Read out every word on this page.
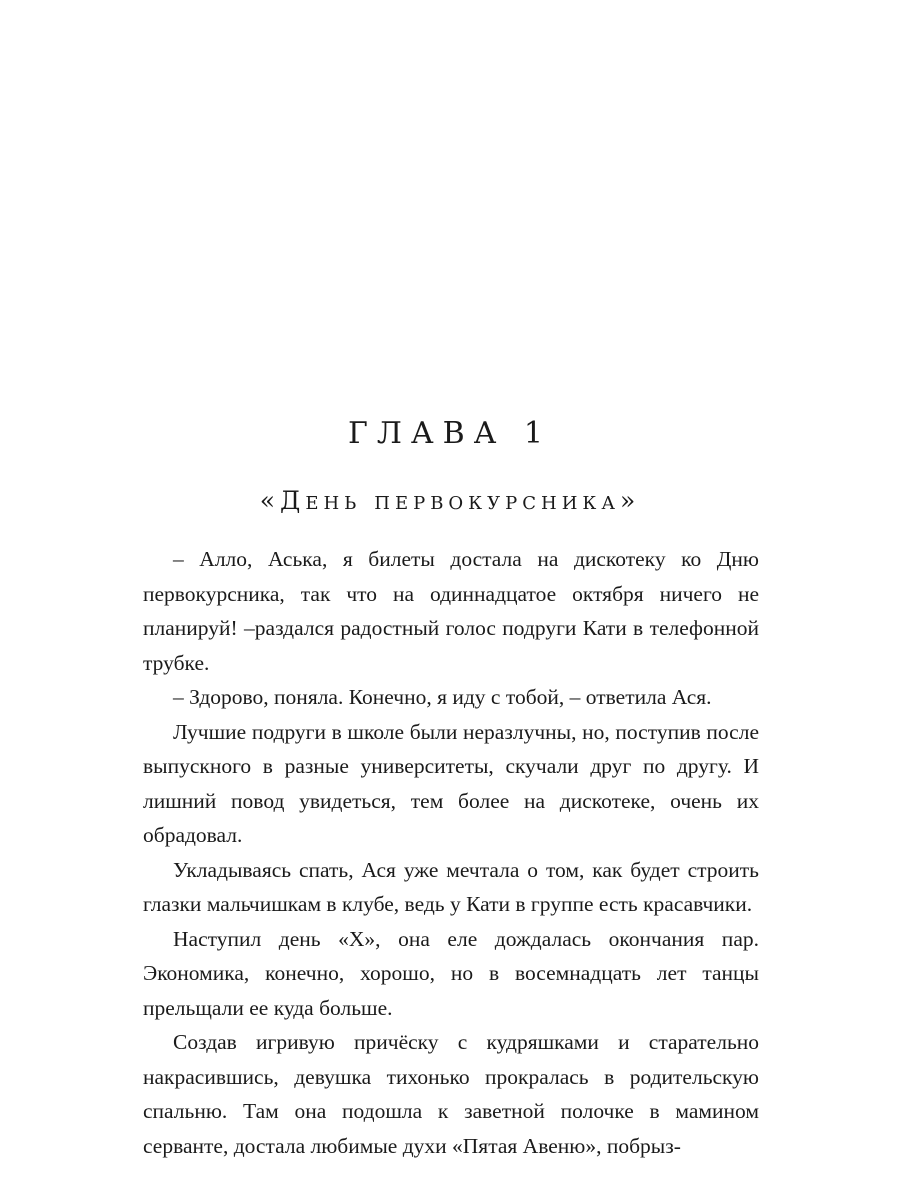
ГЛАВА 1
«День первокурсника»

– Алло, Аська, я билеты достала на дискотеку ко Дню первокурсника, так что на одиннадцатое октября ничего не планируй! –раздался радостный голос подруги Кати в телефонной трубке.

– Здорово, поняла. Конечно, я иду с тобой, – ответила Ася.

Лучшие подруги в школе были неразлучны, но, поступив после выпускного в разные университеты, скучали друг по другу. И лишний повод увидеться, тем более на дискотеке, очень их обрадовал.

Укладываясь спать, Ася уже мечтала о том, как будет строить глазки мальчишкам в клубе, ведь у Кати в группе есть красавчики.

Наступил день «Х», она еле дождалась окончания пар. Экономика, конечно, хорошо, но в восемнадцать лет танцы прельщали ее куда больше.

Создав игривую причёску с кудряшками и старательно накрасившись, девушка тихонько прокралась в родительскую спальню. Там она подошла к заветной полочке в мамином серванте, достала любимые духи «Пятая Авеню», побрыз-
